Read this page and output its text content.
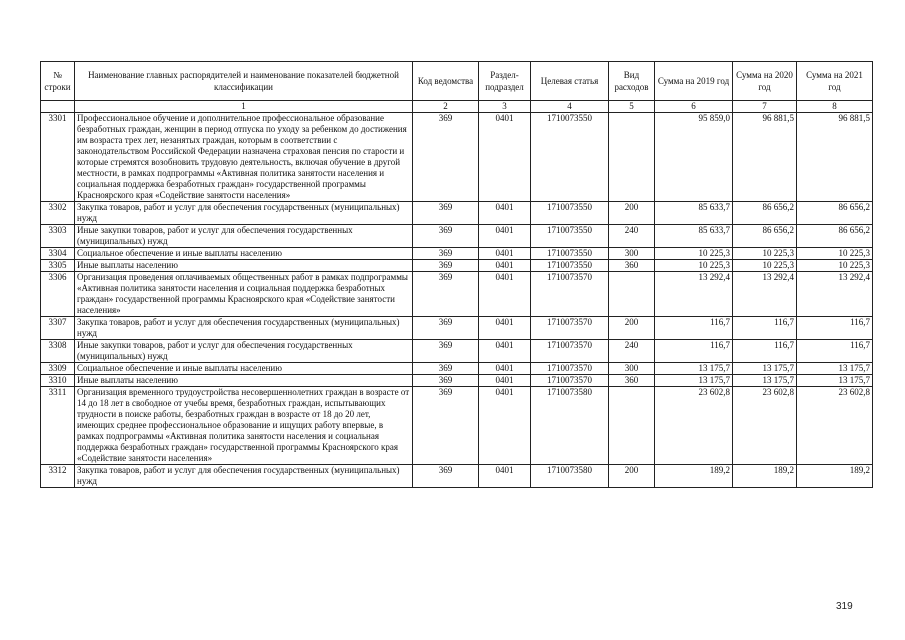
№ строки	Наименование главных распорядителей и наименование показателей бюджетной классификации	Код ведомства	Раздел-подраздел	Целевая статья	Вид расходов	Сумма на 2019 год	Сумма на 2020 год	Сумма на 2021 год
	1	2	3	4	5	6	7	8
3301	Профессиональное обучение и дополнительное профессиональное образование безработных граждан, женщин в период отпуска по уходу за ребенком до достижения им возраста трех лет, незанятых граждан, которым в соответствии с законодательством Российской Федерации назначена страховая пенсия по старости и которые стремятся возобновить трудовую деятельность, включая обучение в другой местности, в рамках подпрограммы «Активная политика занятости населения и социальная поддержка безработных граждан» государственной программы Красноярского края «Содействие занятости населения»	369	0401	1710073550		95 859,0	96 881,5	96 881,5
3302	Закупка товаров, работ и услуг для обеспечения государственных (муниципальных) нужд	369	0401	1710073550	200	85 633,7	86 656,2	86 656,2
3303	Иные закупки товаров, работ и услуг для обеспечения государственных (муниципальных) нужд	369	0401	1710073550	240	85 633,7	86 656,2	86 656,2
3304	Социальное обеспечение и иные выплаты населению	369	0401	1710073550	300	10 225,3	10 225,3	10 225,3
3305	Иные выплаты населению	369	0401	1710073550	360	10 225,3	10 225,3	10 225,3
3306	Организация проведения оплачиваемых общественных работ в рамках подпрограммы «Активная политика занятости населения и социальная поддержка безработных граждан» государственной программы Красноярского края «Содействие занятости населения»	369	0401	1710073570		13 292,4	13 292,4	13 292,4
3307	Закупка товаров, работ и услуг для обеспечения государственных (муниципальных) нужд	369	0401	1710073570	200	116,7	116,7	116,7
3308	Иные закупки товаров, работ и услуг для обеспечения государственных (муниципальных) нужд	369	0401	1710073570	240	116,7	116,7	116,7
3309	Социальное обеспечение и иные выплаты населению	369	0401	1710073570	300	13 175,7	13 175,7	13 175,7
3310	Иные выплаты населению	369	0401	1710073570	360	13 175,7	13 175,7	13 175,7
3311	Организация временного трудоустройства несовершеннолетних граждан в возрасте от 14 до 18 лет в свободное от учебы время, безработных граждан, испытывающих трудности в поиске работы, безработных граждан в возрасте от 18 до 20 лет, имеющих среднее профессиональное образование и ищущих работу впервые, в рамках подпрограммы «Активная политика занятости населения и социальная поддержка безработных граждан» государственной программы Красноярского края «Содействие занятости населения»	369	0401	1710073580		23 602,8	23 602,8	23 602,8
3312	Закупка товаров, работ и услуг для обеспечения государственных (муниципальных) нужд	369	0401	1710073580	200	189,2	189,2	189,2
319
